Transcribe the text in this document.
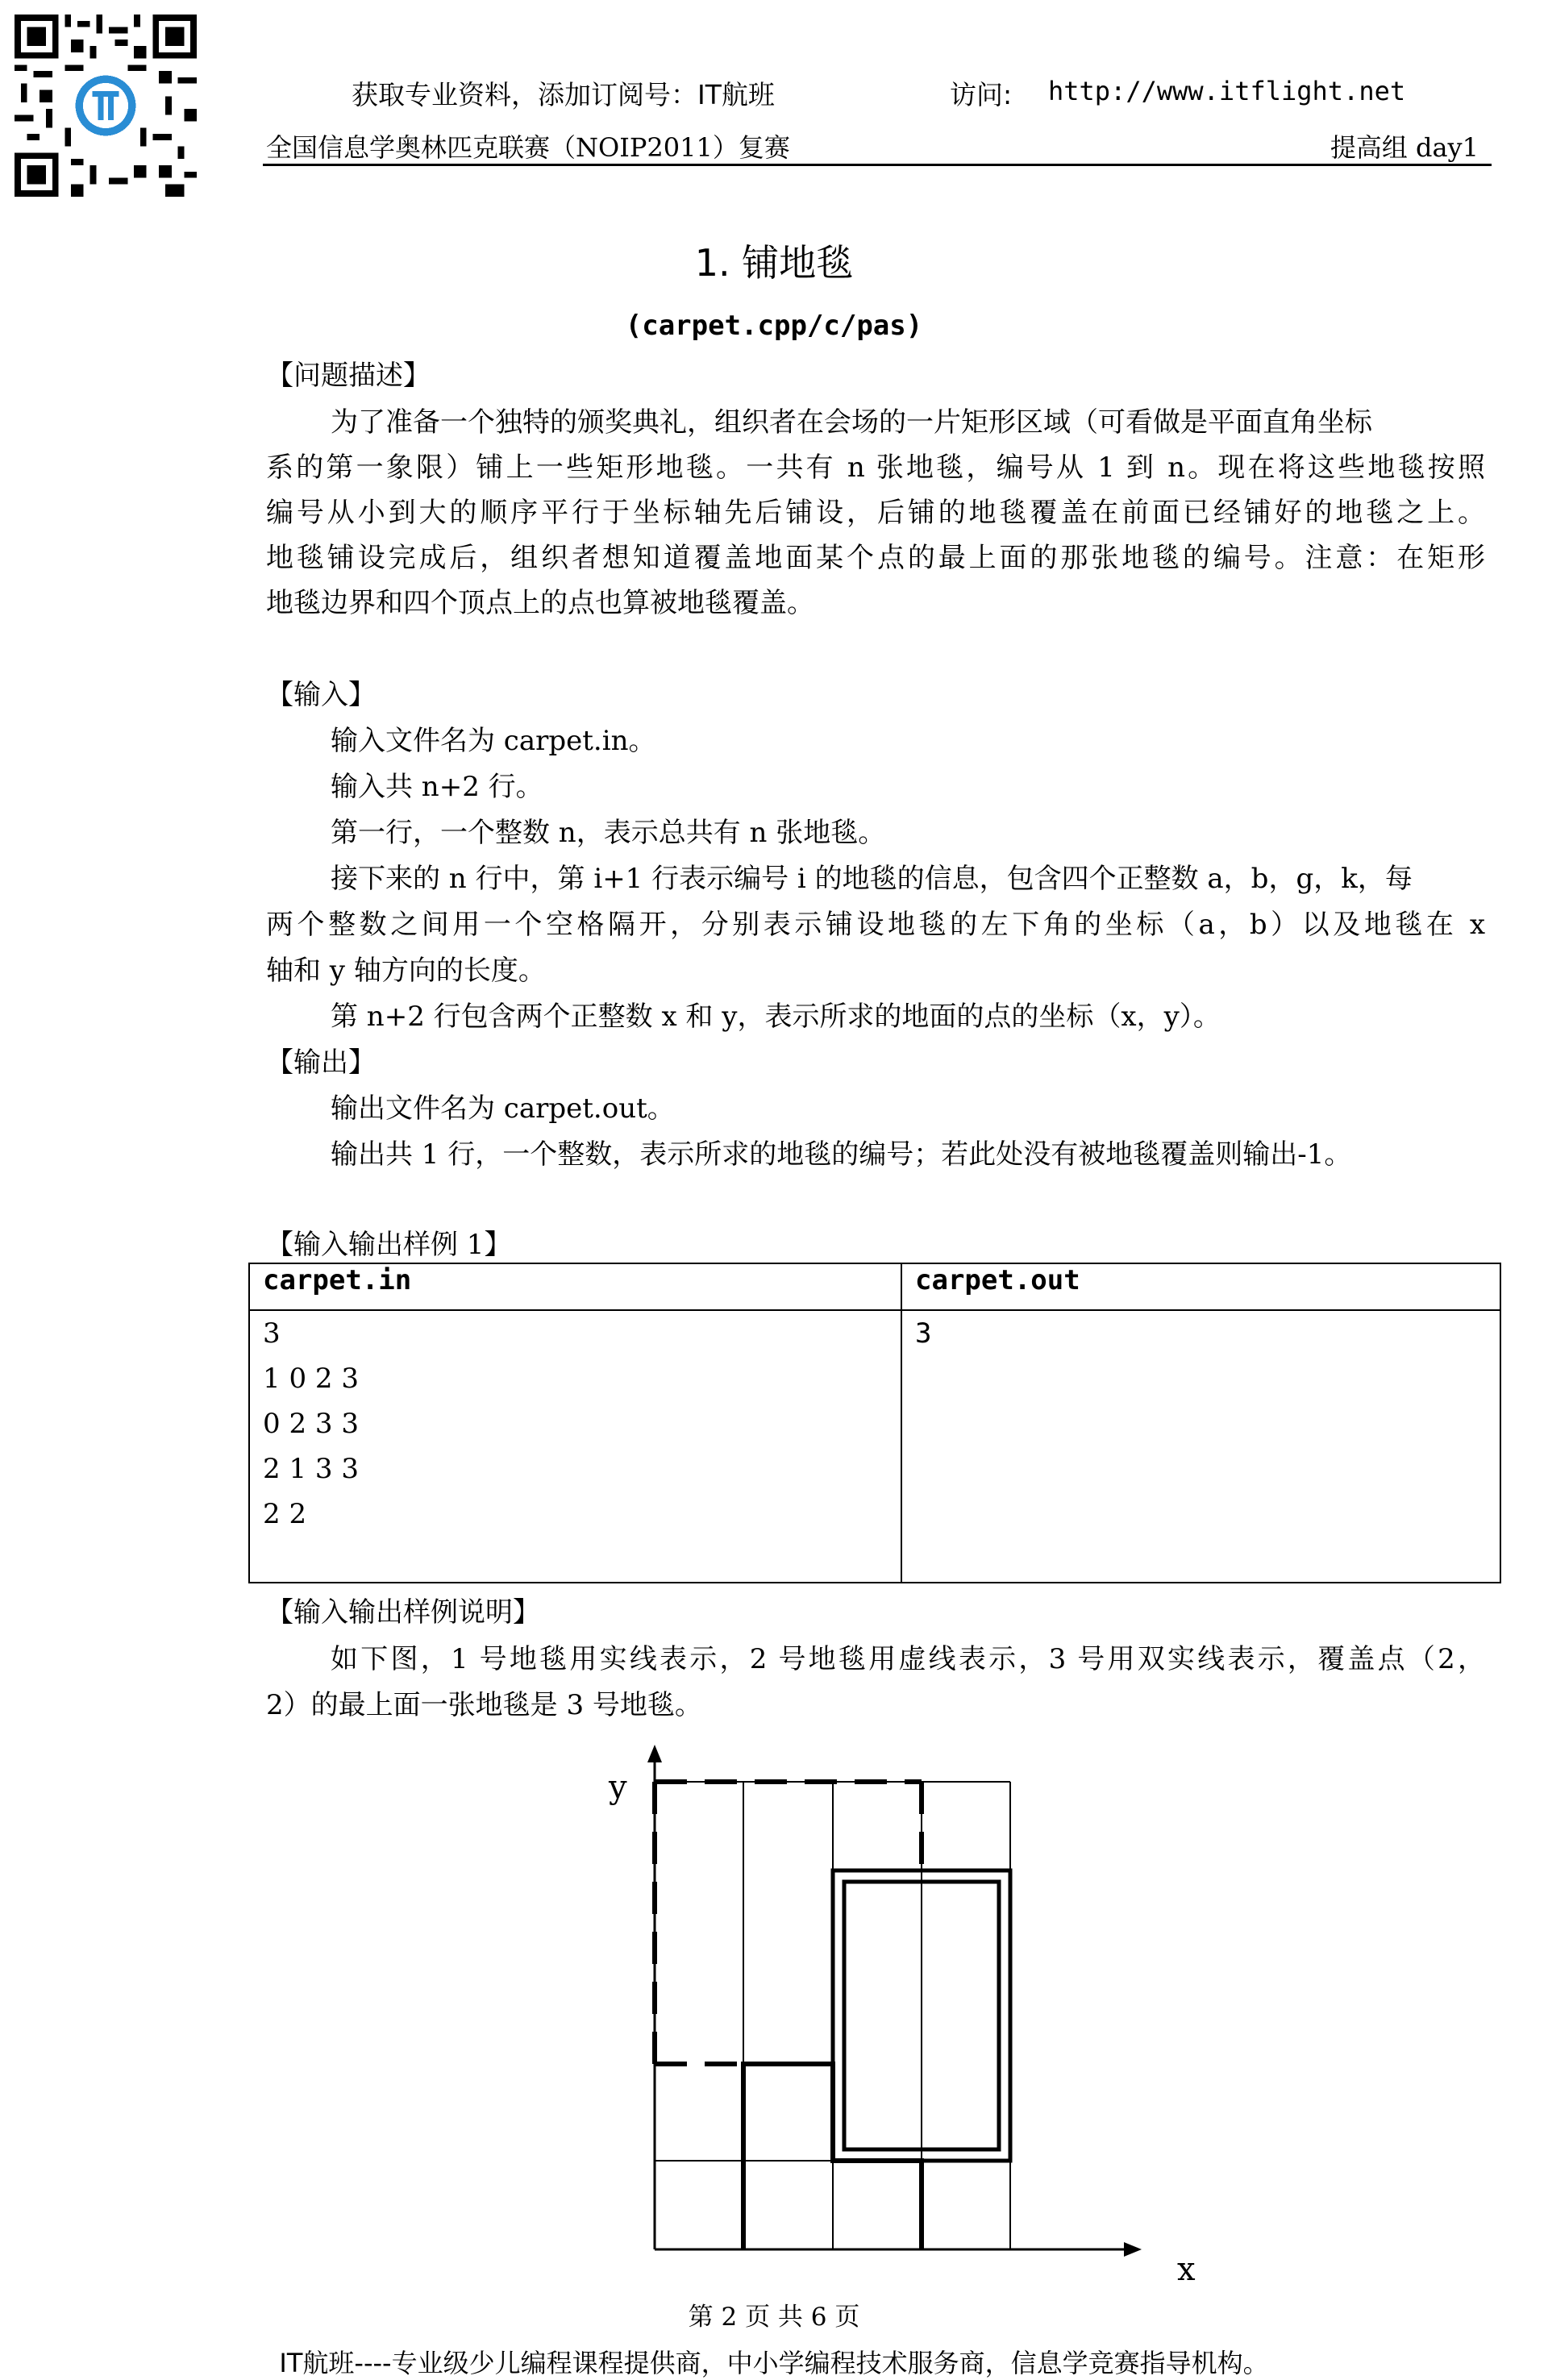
获取专业资料，添加订阅号：IT航班	访问: http://www.itflight.net
全国信息学奥林匹克联赛（NOIP2011）复赛	提高组 day1
1. 铺地毯
(carpet.cpp/c/pas)
【问题描述】
为了准备一个独特的颁奖典礼，组织者在会场的一片矩形区域（可看做是平面直角坐标
系的第一象限）铺上一些矩形地毯。一共有 n 张地毯，编号从 1 到 n。现在将这些地毯按照
编号从小到大的顺序平行于坐标轴先后铺设，后铺的地毯覆盖在前面已经铺好的地毯之上。
地毯铺设完成后，组织者想知道覆盖地面某个点的最上面的那张地毯的编号。注意：在矩形
地毯边界和四个顶点上的点也算被地毯覆盖。
【输入】
输入文件名为 carpet.in。
输入共 n+2 行。
第一行，一个整数 n，表示总共有 n 张地毯。
接下来的 n 行中，第 i+1 行表示编号 i 的地毯的信息，包含四个正整数 a，b，g，k，每
两个整数之间用一个空格隔开，分别表示铺设地毯的左下角的坐标（a，b）以及地毯在 x
轴和 y 轴方向的长度。
第 n+2 行包含两个正整数 x 和 y，表示所求的地面的点的坐标（x，y）。
【输出】
输出文件名为 carpet.out。
输出共 1 行，一个整数，表示所求的地毯的编号；若此处没有被地毯覆盖则输出-1。
【输入输出样例 1】
carpet.in	carpet.out

3
1 0 2 3
0 2 3 3
2 1 3 3
2 2	3
【输入输出样例说明】
如下图，1 号地毯用实线表示，2 号地毯用虚线表示，3 号用双实线表示，覆盖点（2，
2）的最上面一张地毯是 3 号地毯。
y
x
第 2 页 共 6 页
IT航班----专业级少儿编程课程提供商，中小学编程技术服务商，信息学竞赛指导机构。
